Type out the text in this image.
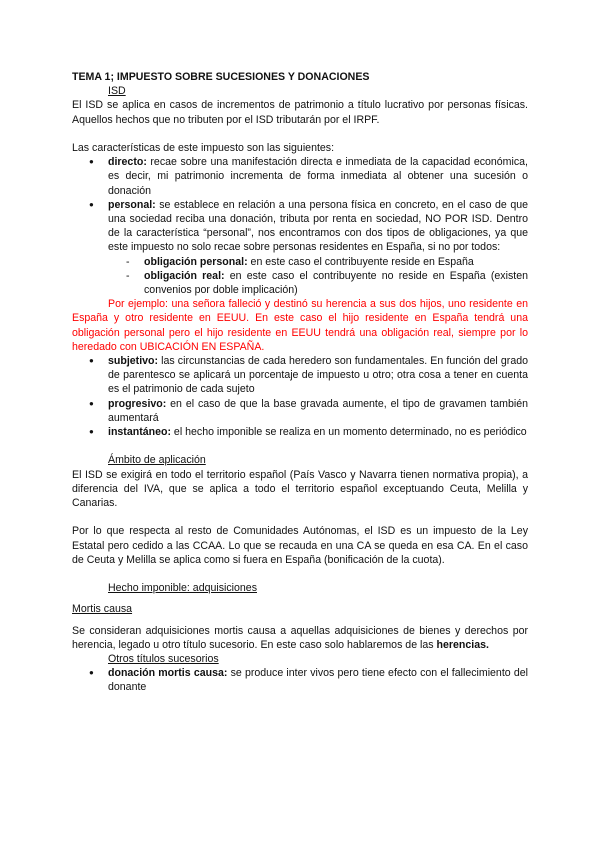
TEMA 1; IMPUESTO SOBRE SUCESIONES Y DONACIONES

ISD

El ISD se aplica en casos de incrementos de patrimonio a título lucrativo por personas físicas. Aquellos hechos que no tributen por el ISD tributarán por el IRPF.

Las características de este impuesto son las siguientes:

● directo: recae sobre una manifestación directa e inmediata de la capacidad económica, es decir, mi patrimonio incrementa de forma inmediata al obtener una sucesión o donación
● personal: se establece en relación a una persona física en concreto, en el caso de que una sociedad reciba una donación, tributa por renta en sociedad, NO POR ISD. Dentro de la característica “personal”, nos encontramos con dos tipos de obligaciones, ya que este impuesto no solo recae sobre personas residentes en España, si no por todos:
- obligación personal: en este caso el contribuyente reside en España
- obligación real: en este caso el contribuyente no reside en España (existen convenios por doble implicación)

Por ejemplo: una señora falleció y destinó su herencia a sus dos hijos, uno residente en España y otro residente en EEUU. En este caso el hijo residente en España tendrá una obligación personal pero el hijo residente en EEUU tendrá una obligación real, siempre por lo heredado con UBICACIÓN EN ESPAÑA.

● subjetivo: las circunstancias de cada heredero son fundamentales. En función del grado de parentesco se aplicará un porcentaje de impuesto u otro; otra cosa a tener en cuenta es el patrimonio de cada sujeto
● progresivo: en el caso de que la base gravada aumente, el tipo de gravamen también aumentará
● instantáneo: el hecho imponible se realiza en un momento determinado, no es periódico

Ámbito de aplicación

El ISD se exigirá en todo el territorio español (País Vasco y Navarra tienen normativa propia), a diferencia del IVA, que se aplica a todo el territorio español exceptuando Ceuta, Melilla y Canarias.

Por lo que respecta al resto de Comunidades Autónomas, el ISD es un impuesto de la Ley Estatal pero cedido a las CCAA. Lo que se recauda en una CA se queda en esa CA. En el caso de Ceuta y Melilla se aplica como si fuera en España (bonificación de la cuota).

Hecho imponible: adquisiciones

Mortis causa

Se consideran adquisiciones mortis causa a aquellas adquisiciones de bienes y derechos por herencia, legado u otro título sucesorio. En este caso solo hablaremos de las herencias.

Otros títulos sucesorios

● donación mortis causa: se produce inter vivos pero tiene efecto con el fallecimiento del donante
